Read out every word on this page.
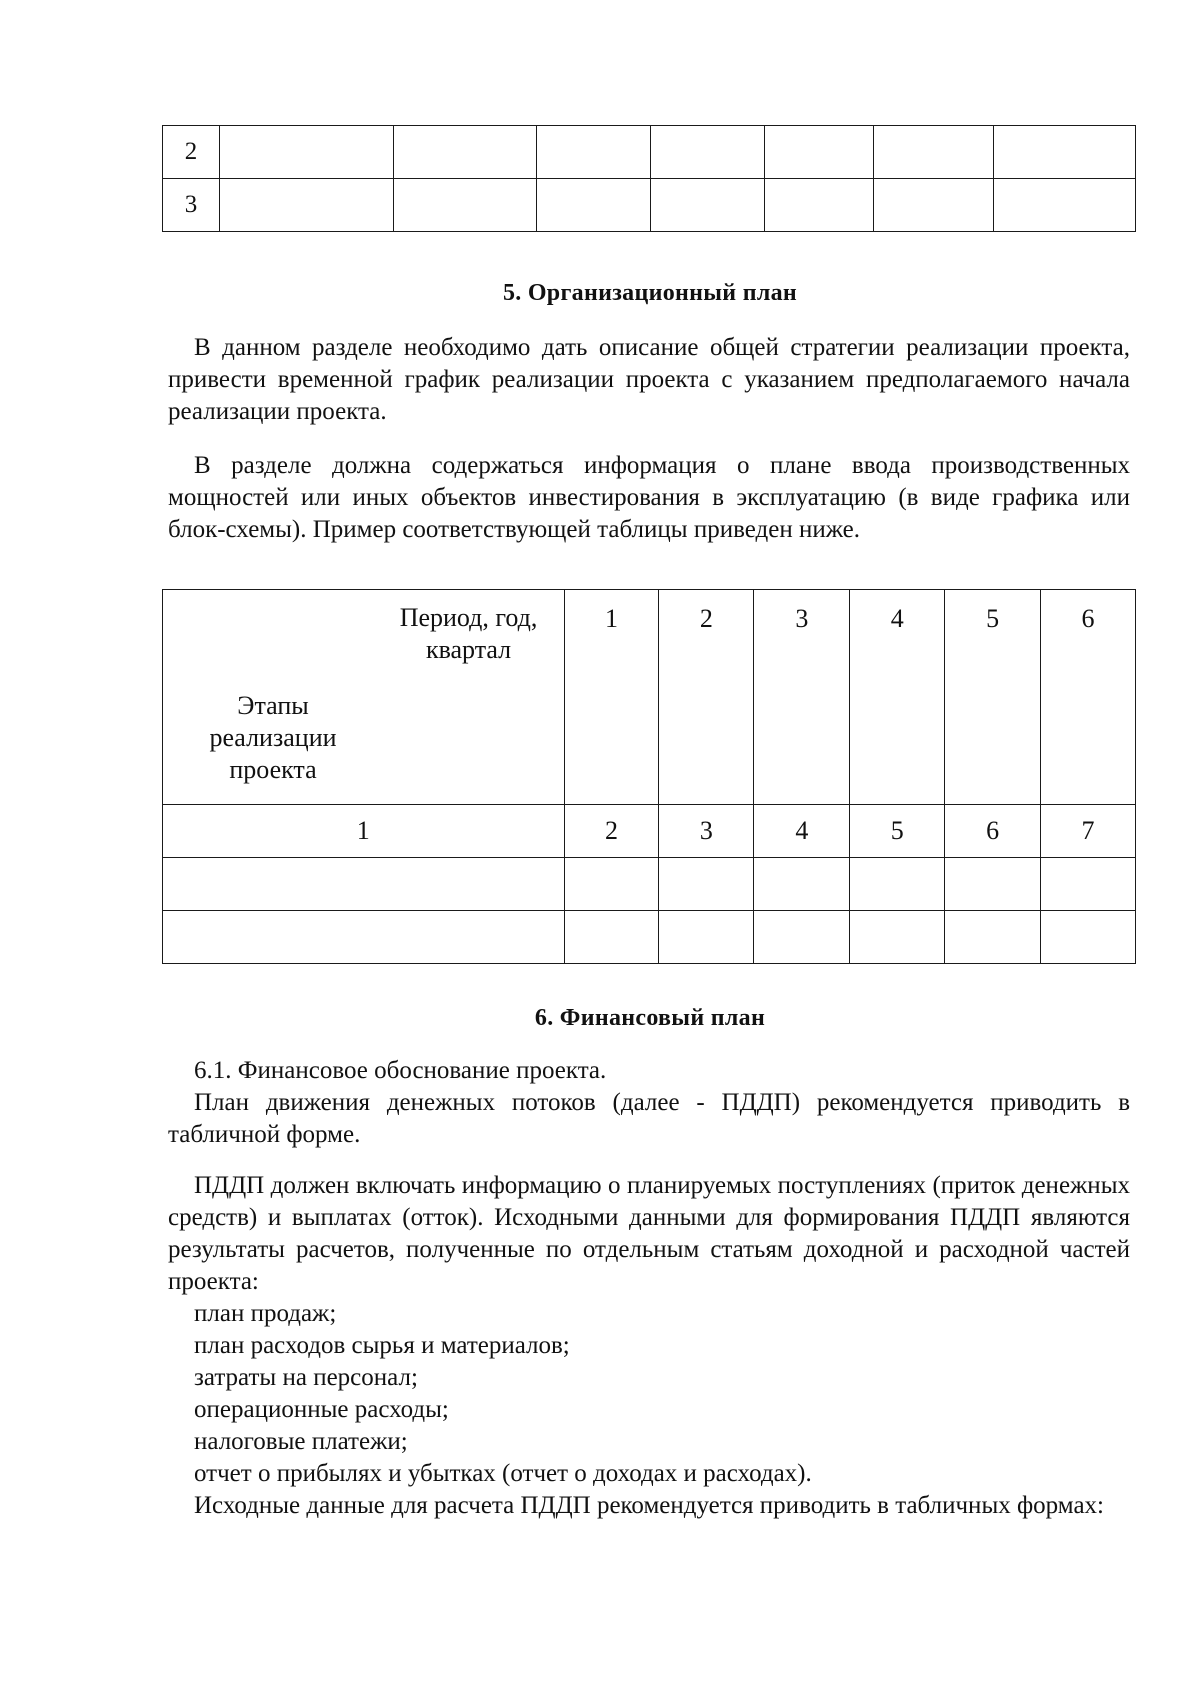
2							
3							
5. Организационный план

В данном разделе необходимо дать описание общей стратегии реализации проекта, привести временной график реализации проекта с указанием предполагаемого начала реализации проекта.

В разделе должна содержаться информация о плане ввода производственных мощностей или иных объектов инвестирования в эксплуатацию (в виде графика или блок-схемы). Пример соответствующей таблицы приведен ниже.

Период, год, квартал
Этапы реализации проекта	1	2	3	4	5	6
1	2	3	4	5	6	7

6. Финансовый план

6.1. Финансовое обоснование проекта.

План движения денежных потоков (далее - ПДДП) рекомендуется приводить в табличной форме.

ПДДП должен включать информацию о планируемых поступлениях (приток денежных средств) и выплатах (отток). Исходными данными для формирования ПДДП являются результаты расчетов, полученные по отдельным статьям доходной и расходной частей проекта:

план продаж;

план расходов сырья и материалов;

затраты на персонал;

операционные расходы;

налоговые платежи;

отчет о прибылях и убытках (отчет о доходах и расходах).

Исходные данные для расчета ПДДП рекомендуется приводить в табличных формах:
